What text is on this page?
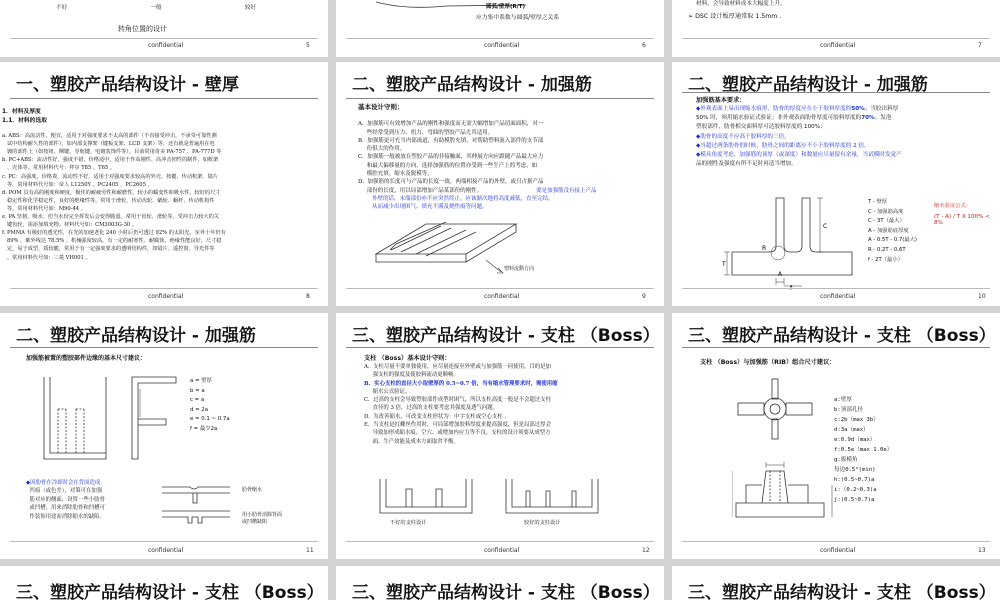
不好	一般	较好
转角位置的设计
confidential	5
圆弧/壁厚(R/T)
应力集中系数与圆弧/壁厚之关系
confidential	6
材料，会导致材料成本大幅度上升。
➢ DSC 设计板厚通常取 1.5mm .
confidential	7
一、塑胶产品结构设计 - 壁厚
1．材料及厚度
1.1．材料的选取

a. ABS：高流动性，便宜，适用于对强度要求不太高的部件（不直接受冲击，不承受可靠性测
试中结构耐久性的部件），如内部支撑架（键板支架、LCD 支架）等。还有就是普遍用在电
镀的部件上（如按钮、侧键、导航键、电镀装饰件等）。目前常用奇美 PA-757 、PA-777D 等
b. PC+ABS：流动性好，强度不错，价格适中。适用于作高刚性、高冲击韧性的制件，如框架
、壳体等。常用材料代号：拜尔 T85 、T65 。
c. PC：高强度，价格贵，流动性不好。适用于对强度要求较高的外壳、按键、传动机架、镜片
等。常用材料代号如：帝人 L1250Y 、PC2405 、PC2605 。
d. POM 具有高的刚度和硬度，极佳的耐疲劳性和耐磨性，较小的蠕变性和吸水性，较好的尺寸
稳定性和化学稳定性，良好的绝缘性等。常用于滑轮、传动齿轮、蜗轮、蜗杆、传动机构件
等。常用材料代号如：M90-44 。
e. PA 坚韧、吸水、但当水份完全挥发后会变得脆弱。常用于齿轮、滑轮等。受冲击力较大的关
键齿轮，需添加填充物。材料代号如：CM3003G-30 。
f. PMMA 有极好的透光性，在光的加速老化 240 小时后仍可透过 92% 的太阳光，室外十年仍有
89% ，紫外线达 78.5% 。机械强度较高，有一定的耐寒性、耐腐蚀，绝缘性能良好，尺寸稳
定，易于成型，质较脆，常用于有一定强度要求的透明结构件，如镜片、遥控窗、导光件等
。常用材料代号如：三菱 VH001 。

confidential	8
二、塑胶产品结构设计 - 加强筋
基本设计守则：

A.  加强筋可有效增加产品的刚性和强度而无需大幅增加产品切面面积，对一
些经常受到压力、扭力、弯曲的塑胶产品尤其适用。
B.  加强筋更可充当内部流道，有助模腔充填，对帮助塑料流入部件的支节部
份很大的作用。
C.  加强筋一般被放在塑胶产品的非接触面，其伸展方向应跟随产品最大应力
和最大偏移量的方向，选择加强筋的位置亦受到一些生产上的考虑，如
模腔充填、缩水及脱模等。
D.  加强筋的长度可与产品的长度一致，两端相接产品的外壁，或只占据产品
部份的长度，用以局部增加产品某部份的刚性。

	要是加强筋没有接上产品
外壁的话，末端部份亦不应突然终止，应该渐次地将高度减低，直至完结，
从而减少出现困气、填充不满及烧焦痕等问题。
塑料流動方向
confidential	9
二、塑胶产品结构设计 - 加强筋
加强筋基本要求：
◆外观表面上易出现缩水痕形，肋骨的厚度应在小于胶料厚度的50%；当胶出料厚
50% 时，须用缩水验证式验证；非外观表面肋骨厚度可胶料厚度的70%；发泡
塑胶部件，肋骨相交面料厚可达胶料厚度的 100%；
◆肋骨的高度不应高于胶料厚的三倍。
◆当超过两条肋骨的时候，肋骨之间的距离应不小于胶料厚度的 2 倍。
◆模具角度考虑，加强筋的顶厚（或深度）和数量应尽量留有余量，当试模时发觉产
品的刚性及强度有所不足时再适当增加。
T
C
A
R
f
T - 壁厚
C - 加强筋高度
C - 3T（最大）
A - 加强筋底厚度
A - 0.5T - 0.7(最大)
R - 0.2T - 0.6T
f - 2T（最小）
缩水验证公式：
(T - A) / T X 100% < 8%
confidential	10
二、塑胶产品结构设计 - 加强筋
加强筋被置的塑胶部件边缘的基本尺寸建议：
a = 壁厚
b = a
c = a
d = 2a
e = 0.1 ~ 0.7a
f = 最少2a
◆因肋骨在冷却时会在背面造成
凹痕（或色差），对策可在加强
筋对应的侧面，设置一些小肋骨
或凹槽，用来消除肋骨和凹槽可
作装饰用途而消除缩水的缺陷。
肋骨缩水
用小肋骨消除背面
或凹槽缺陷
confidential	11
三、塑胶产品结构设计 - 支柱 （Boss）
支柱 （Boss）基本设计守则：
A.  支柱尽量不要单独使用，应尽量连接至外壁或与加强筋一同使用，目的是加
强支柱的强度及使胶料流动更顺畅。
B.  实心支柱的直径大小取壁厚的 0.5~0.7 倍，当有缩水管理要求时，需使用缩
缩水公式验证。
C.  过高的支柱会导致塑胶部件成型时困气，所以支柱高度一般是不会超过支柱
直径的 3 倍，过高的支柱要考虑其强度及透气问题。
D.  为改善缩水，可改变支柱形状为：中字支柱或空心支柱 .
E.  当支柱是打螺丝作用时，可局部增加胶料厚度来提高强度，但是局部过厚会
导致加形成缩水痕、空穴、或增加内应力等不良。支柱的设计须要从成型方
面、生产效能及成本方面取舍平衡。
不好的支柱设计	较好的支柱设计
confidential	12
三、塑胶产品结构设计 - 支柱 （Boss）
支柱 （Boss）与加强筋（RIB）组合尺寸建议：
a:壁厚
b:顶部孔径
c:2b（max 3b）
d:3a（max）
e:0.9d（max）
f:0.5e（max 1.0e）
g:拔模角
每边0.5°(min)
h:(0.5~0.7)a
i:（0.2~0.3)a
j:(0.5~0.7)a
confidential	13
三、塑胶产品结构设计 - 支柱 （Boss） 三、塑胶产品结构设计 - 支柱 （Boss） 三、塑胶产品结构设计 - 支柱 （Boss）
